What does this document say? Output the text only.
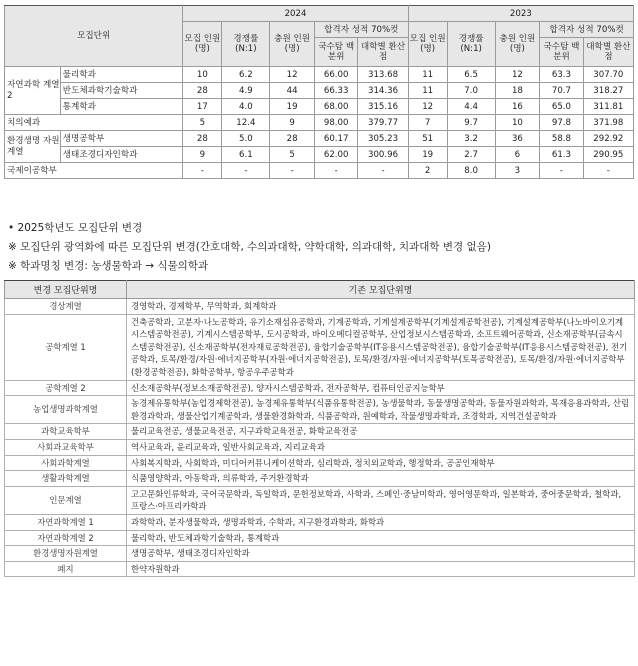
모집단위		2024					2023				
		모집 인원 (명)	경쟁률 (N:1)	충원 인원 (명)	합격자 성적 70%컷		모집 인원 (명)	경쟁률 (N:1)	충원 인원(명)	합격자 성적 70%컷	
					국수탐 백분위	대학별 환산점				국수탐 백분위	대학별 환산점
자연과학 계열2	물리학과	10	6.2	12	66.00	313.68	11	6.5	12	63.3	307.70
	반도체과학기술학과	28	4.9	44	66.33	314.36	11	7.0	18	70.7	318.27
	통계학과	17	4.0	19	68.00	315.16	12	4.4	16	65.0	311.81
치의예과		5	12.4	9	98.00	379.77	7	9.7	10	97.8	371.98
환경생명 자원계열	생명공학부	28	5.0	28	60.17	305.23	51	3.2	36	58.8	292.92
	생태조경디자인학과	9	6.1	5	62.00	300.96	19	2.7	6	61.3	290.95
국제이공학부		-	-	-	-	-	2	8.0	3	-	-
• 2025학년도 모집단위 변경
※ 모집단위 광역화에 따른 모집단위 변경(간호대학, 수의과대학, 약학대학, 의과대학, 치과대학 변경 없음)
※ 학과명칭 변경: 농생물학과 → 식물의학과
변경 모집단위명	기존 모집단위명
경상계열	경영학과, 경제학부, 무역학과, 회계학과
공학계열 1	건축공학과, 고분자·나노공학과, 유기소재섬유공학과, 기계공학과, 기계설계공학부(기계설계공학전공), 기계설계공학부(나노바이오기계시스템공학전공), 기계시스템공학부, 도시공학과, 바이오메디컬공학부, 산업정보시스템공학과, 소프트웨어공학과, 신소재공학부(금속시스템공학전공), 신소재공학부(전자재료공학전공), 융합기술공학부(IT응용시스템공학전공), 융합기술공학부(IT응용시스템공학전공), 전기공학과, 토목/환경/자원·에너지공학부(자원·에너지공학전공), 토목/환경/자원·에너지공학부(토목공학전공), 토목/환경/자원·에너지공학부(환경공학전공), 화학공학부, 항공우주공학과
공학계열 2	신소재공학부(정보소재공학전공), 양자시스템공학과, 전자공학부, 컴퓨터인공지능학부
농업생명과학계열	농경제유통학부(농업경제학전공), 농경제유통학부(식품유통학전공), 농생물학과, 동물생명공학과, 동물자원과학과, 목재응용과학과, 산림환경과학과, 생물산업기계공학과, 생물환경화학과, 식품공학과, 원예학과, 작물생명과학과, 조경학과, 지역건설공학과
과학교육학부	물리교육전공, 생물교육전공, 지구과학교육전공, 화학교육전공
사회과교육학부	역사교육과, 윤리교육과, 일반사회교육과, 지리교육과
사회과학계열	사회복지학과, 사회학과, 미디어커뮤니케이션학과, 심리학과, 정치외교학과, 행정학과, 공공인재학부
생활과학계열	식품영양학과, 아동학과, 의류학과, 주거환경학과
인문계열	고고문화인류학과, 국어국문학과, 독일학과, 문헌정보학과, 사학과, 스페인·중남미학과, 영어영문학과, 일본학과, 중어중문학과, 철학과, 프랑스·아프리카학과
자연과학계열 1	과학학과, 분자생물학과, 생명과학과, 수학과, 지구환경과학과, 화학과
자연과학계열 2	물리학과, 반도체과학기술학과, 통계학과
환경생명자원계열	생명공학부, 생태조경디자인학과
폐지	한약자원학과
